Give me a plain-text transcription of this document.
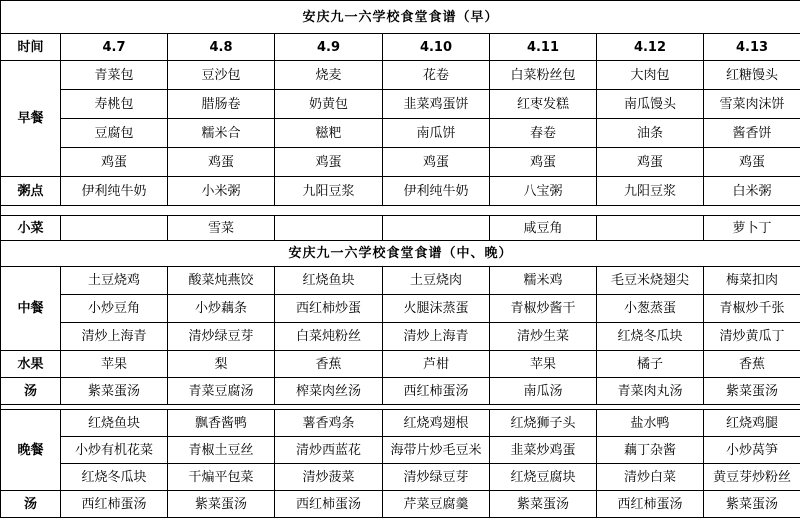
安庆九一六学校食堂食谱（早）							
时间	4.7	4.8	4.9	4.10	4.11	4.12	4.13
早餐	青菜包	豆沙包	烧麦	花卷	白菜粉丝包	大肉包	红糖馒头
	寿桃包	腊肠卷	奶黄包	韭菜鸡蛋饼	红枣发糕	南瓜馒头	雪菜肉沫饼
	豆腐包	糯米合	糍粑	南瓜饼	春卷	油条	酱香饼
	鸡蛋	鸡蛋	鸡蛋	鸡蛋	鸡蛋	鸡蛋	鸡蛋
粥点	伊利纯牛奶	小米粥	九阳豆浆	伊利纯牛奶	八宝粥	九阳豆浆	白米粥

小菜		雪菜			咸豆角		萝卜丁
安庆九一六学校食堂食谱（中、晚）							
中餐	土豆烧鸡	酸菜炖燕饺	红烧鱼块	土豆烧肉	糯米鸡	毛豆米烧翅尖	梅菜扣肉
	小炒豆角	小炒藕条	西红柿炒蛋	火腿沫蒸蛋	青椒炒酱干	小葱蒸蛋	青椒炒千张
	清炒上海青	清炒绿豆芽	白菜炖粉丝	清炒上海青	清炒生菜	红烧冬瓜块	清炒黄瓜丁
水果	苹果	梨	香蕉	芦柑	苹果	橘子	香蕉
汤	紫菜蛋汤	青菜豆腐汤	榨菜肉丝汤	西红柿蛋汤	南瓜汤	青菜肉丸汤	紫菜蛋汤

晚餐	红烧鱼块	飘香酱鸭	薯香鸡条	红烧鸡翅根	红烧狮子头	盐水鸭	红烧鸡腿
	小炒有机花菜	青椒土豆丝	清炒西蓝花	海带片炒毛豆米	韭菜炒鸡蛋	藕丁杂酱	小炒莴笋
	红烧冬瓜块	干煸平包菜	清炒菠菜	清炒绿豆芽	红烧豆腐块	清炒白菜	黄豆芽炒粉丝
汤	西红柿蛋汤	紫菜蛋汤	西红柿蛋汤	芹菜豆腐羹	紫菜蛋汤	西红柿蛋汤	紫菜蛋汤
